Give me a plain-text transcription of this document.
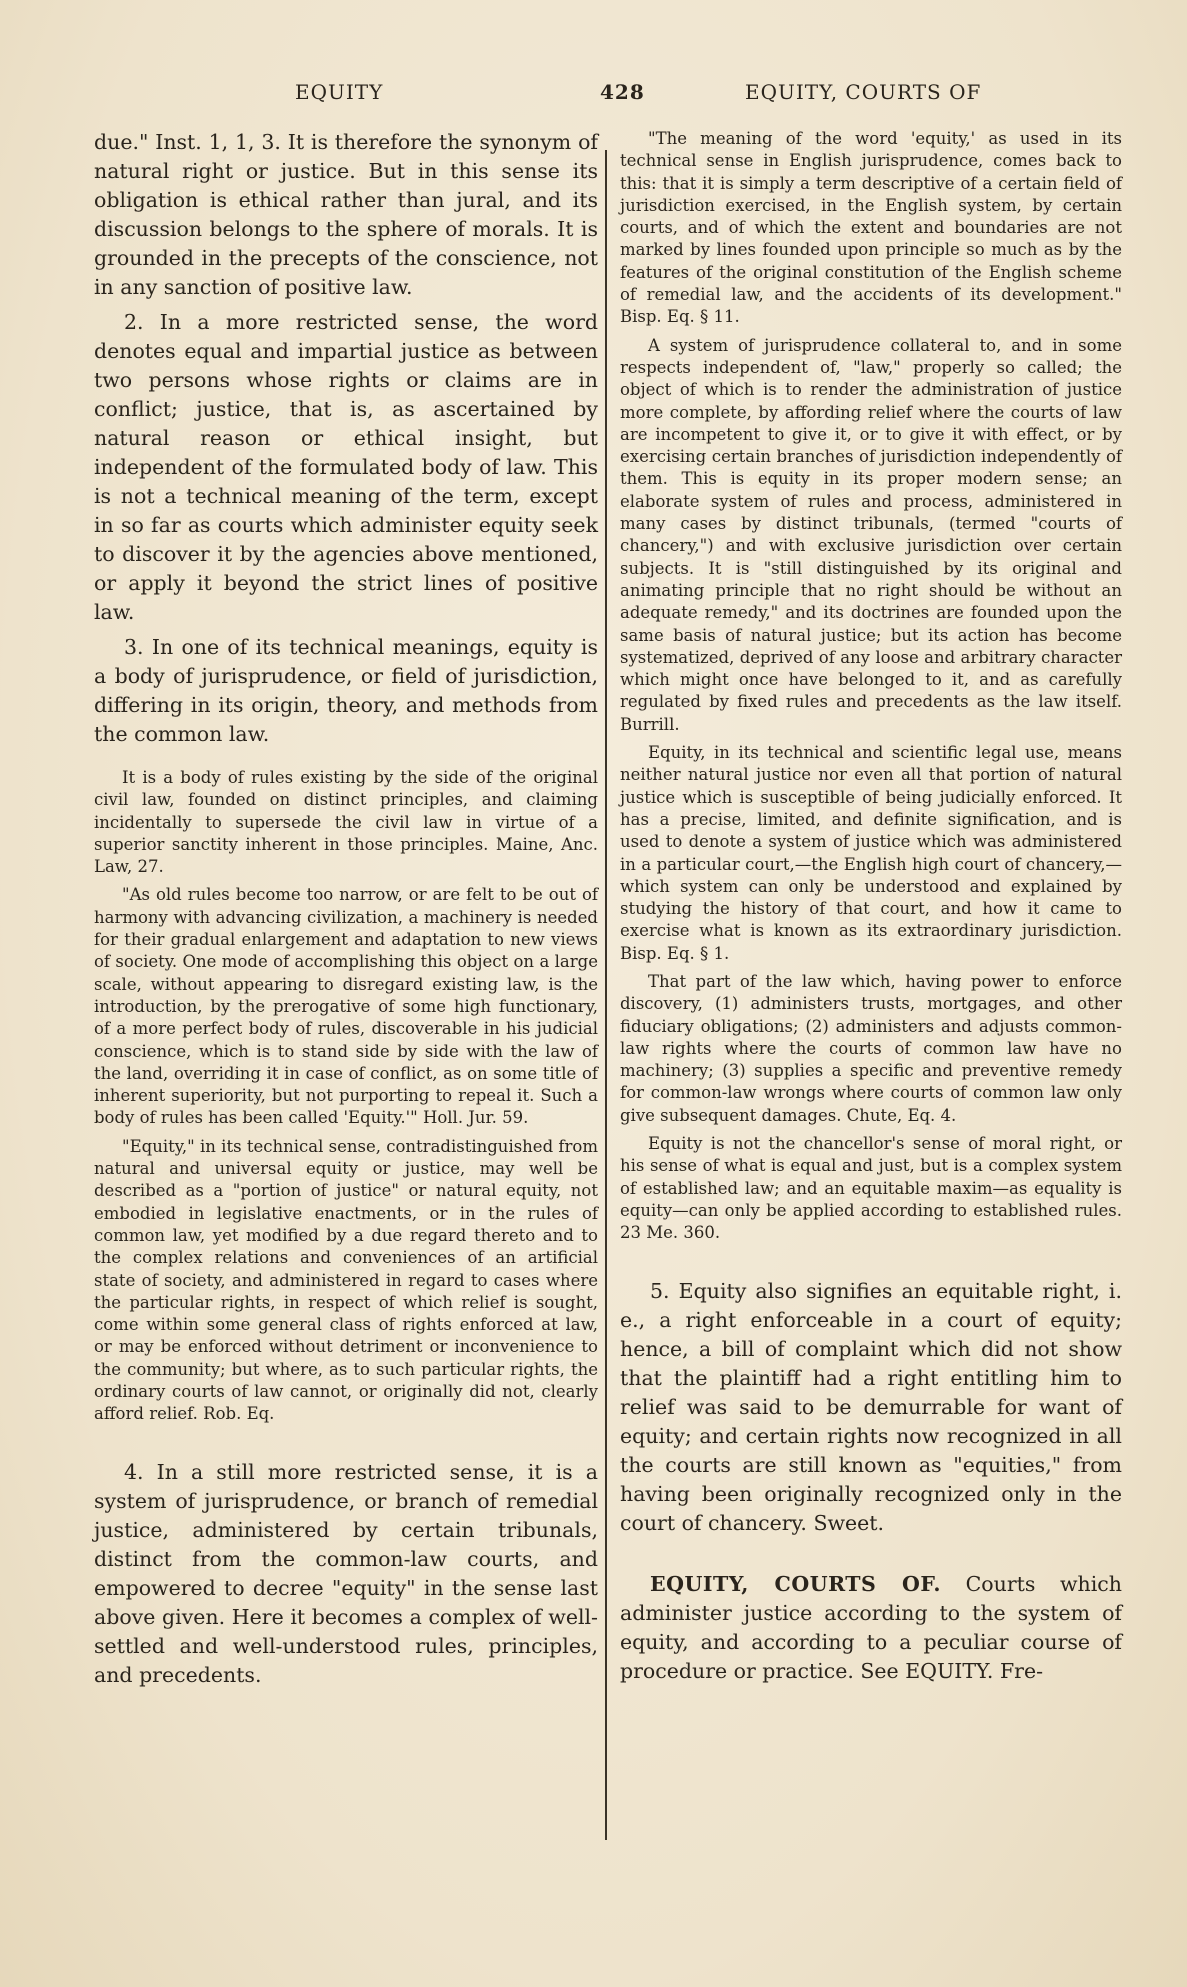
EQUITY	428	EQUITY, COURTS OF

due." Inst. 1, 1, 3. It is therefore the synonym of natural right or justice. But in this sense its obligation is ethical rather than jural, and its discussion belongs to the sphere of morals. It is grounded in the precepts of the conscience, not in any sanction of positive law.

2. In a more restricted sense, the word denotes equal and impartial justice as between two persons whose rights or claims are in conflict; justice, that is, as ascertained by natural reason or ethical insight, but independent of the formulated body of law. This is not a technical meaning of the term, except in so far as courts which administer equity seek to discover it by the agencies above mentioned, or apply it beyond the strict lines of positive law.

3. In one of its technical meanings, equity is a body of jurisprudence, or field of jurisdiction, differing in its origin, theory, and methods from the common law.

It is a body of rules existing by the side of the original civil law, founded on distinct principles, and claiming incidentally to supersede the civil law in virtue of a superior sanctity inherent in those principles. Maine, Anc. Law, 27.

"As old rules become too narrow, or are felt to be out of harmony with advancing civilization, a machinery is needed for their gradual enlargement and adaptation to new views of society. One mode of accomplishing this object on a large scale, without appearing to disregard existing law, is the introduction, by the prerogative of some high functionary, of a more perfect body of rules, discoverable in his judicial conscience, which is to stand side by side with the law of the land, overriding it in case of conflict, as on some title of inherent superiority, but not purporting to repeal it. Such a body of rules has been called 'Equity.'" Holl. Jur. 59.

"Equity," in its technical sense, contradistinguished from natural and universal equity or justice, may well be described as a "portion of justice" or natural equity, not embodied in legislative enactments, or in the rules of common law, yet modified by a due regard thereto and to the complex relations and conveniences of an artificial state of society, and administered in regard to cases where the particular rights, in respect of which relief is sought, come within some general class of rights enforced at law, or may be enforced without detriment or inconvenience to the community; but where, as to such particular rights, the ordinary courts of law cannot, or originally did not, clearly afford relief. Rob. Eq.

4. In a still more restricted sense, it is a system of jurisprudence, or branch of remedial justice, administered by certain tribunals, distinct from the common-law courts, and empowered to decree "equity" in the sense last above given. Here it becomes a complex of well-settled and well-understood rules, principles, and precedents.

"The meaning of the word 'equity,' as used in its technical sense in English jurisprudence, comes back to this: that it is simply a term descriptive of a certain field of jurisdiction exercised, in the English system, by certain courts, and of which the extent and boundaries are not marked by lines founded upon principle so much as by the features of the original constitution of the English scheme of remedial law, and the accidents of its development." Bisp. Eq. § 11.

A system of jurisprudence collateral to, and in some respects independent of, "law," properly so called; the object of which is to render the administration of justice more complete, by affording relief where the courts of law are incompetent to give it, or to give it with effect, or by exercising certain branches of jurisdiction independently of them. This is equity in its proper modern sense; an elaborate system of rules and process, administered in many cases by distinct tribunals, (termed "courts of chancery,") and with exclusive jurisdiction over certain subjects. It is "still distinguished by its original and animating principle that no right should be without an adequate remedy," and its doctrines are founded upon the same basis of natural justice; but its action has become systematized, deprived of any loose and arbitrary character which might once have belonged to it, and as carefully regulated by fixed rules and precedents as the law itself. Burrill.

Equity, in its technical and scientific legal use, means neither natural justice nor even all that portion of natural justice which is susceptible of being judicially enforced. It has a precise, limited, and definite signification, and is used to denote a system of justice which was administered in a particular court,—the English high court of chancery,—which system can only be understood and explained by studying the history of that court, and how it came to exercise what is known as its extraordinary jurisdiction. Bisp. Eq. § 1.

That part of the law which, having power to enforce discovery, (1) administers trusts, mortgages, and other fiduciary obligations; (2) administers and adjusts common-law rights where the courts of common law have no machinery; (3) supplies a specific and preventive remedy for common-law wrongs where courts of common law only give subsequent damages. Chute, Eq. 4.

Equity is not the chancellor's sense of moral right, or his sense of what is equal and just, but is a complex system of established law; and an equitable maxim—as equality is equity—can only be applied according to established rules. 23 Me. 360.

5. Equity also signifies an equitable right, i. e., a right enforceable in a court of equity; hence, a bill of complaint which did not show that the plaintiff had a right entitling him to relief was said to be demurrable for want of equity; and certain rights now recognized in all the courts are still known as "equities," from having been originally recognized only in the court of chancery. Sweet.

EQUITY, COURTS OF. Courts which administer justice according to the system of equity, and according to a peculiar course of procedure or practice. See EQUITY. Fre-
